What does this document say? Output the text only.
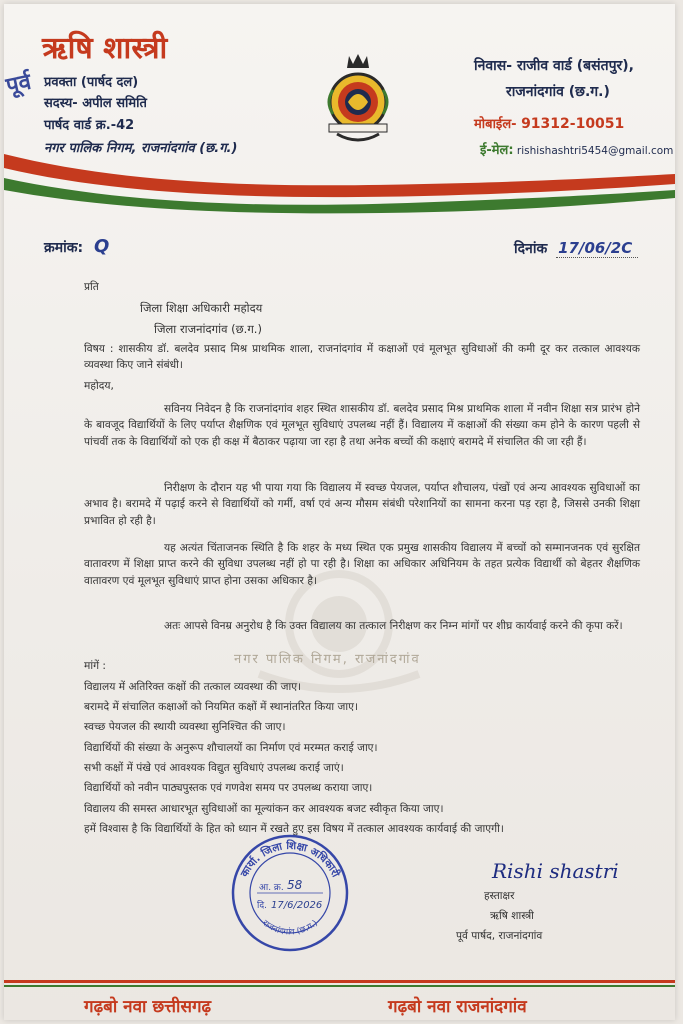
पूर्व
ऋषि शास्त्री
प्रवक्ता (पार्षद दल)
सदस्य- अपील समिति
पार्षद वार्ड क्र.-42
नगर पालिक निगम, राजनांदगांव (छ.ग.)
निवास- राजीव वार्ड (बसंतपुर),
राजनांदगांव (छ.ग.)
मोबाईल- 91312-10051
ई-मेल: rishishashtri5454@gmail.com
क्रमांक: Q	दिनांक 17/06/2C
नगर पालिक निगम, राजनांदगांव
प्रति
जिला शिक्षा अधिकारी महोदय
जिला राजनांदगांव (छ.ग.)
विषय : शासकीय डॉ. बलदेव प्रसाद मिश्र प्राथमिक शाला, राजनांदगांव में कक्षाओं एवं मूलभूत सुविधाओं की कमी दूर कर तत्काल आवश्यक व्यवस्था किए जाने संबंधी।
महोदय,
सविनय निवेदन है कि राजनांदगांव शहर स्थित शासकीय डॉ. बलदेव प्रसाद मिश्र प्राथमिक शाला में नवीन शिक्षा सत्र प्रारंभ होने के बावजूद विद्यार्थियों के लिए पर्याप्त शैक्षणिक एवं मूलभूत सुविधाएं उपलब्ध नहीं हैं। विद्यालय में कक्षाओं की संख्या कम होने के कारण पहली से पांचवीं तक के विद्यार्थियों को एक ही कक्ष में बैठाकर पढ़ाया जा रहा है तथा अनेक बच्चों की कक्षाएं बरामदे में संचालित की जा रही हैं।
निरीक्षण के दौरान यह भी पाया गया कि विद्यालय में स्वच्छ पेयजल, पर्याप्त शौचालय, पंखों एवं अन्य आवश्यक सुविधाओं का अभाव है। बरामदे में पढ़ाई करने से विद्यार्थियों को गर्मी, वर्षा एवं अन्य मौसम संबंधी परेशानियों का सामना करना पड़ रहा है, जिससे उनकी शिक्षा प्रभावित हो रही है।
यह अत्यंत चिंताजनक स्थिति है कि शहर के मध्य स्थित एक प्रमुख शासकीय विद्यालय में बच्चों को सम्मानजनक एवं सुरक्षित वातावरण में शिक्षा प्राप्त करने की सुविधा उपलब्ध नहीं हो पा रही है। शिक्षा का अधिकार अधिनियम के तहत प्रत्येक विद्यार्थी को बेहतर शैक्षणिक वातावरण एवं मूलभूत सुविधाएं प्राप्त होना उसका अधिकार है।
अतः आपसे विनम्र अनुरोध है कि उक्त विद्यालय का तत्काल निरीक्षण कर निम्न मांगों पर शीघ्र कार्यवाई करने की कृपा करें।
मांगें :
विद्यालय में अतिरिक्त कक्षों की तत्काल व्यवस्था की जाए।
बरामदे में संचालित कक्षाओं को नियमित कक्षों में स्थानांतरित किया जाए।
स्वच्छ पेयजल की स्थायी व्यवस्था सुनिश्चित की जाए।
विद्यार्थियों की संख्या के अनुरूप शौचालयों का निर्माण एवं मरम्मत कराई जाए।
सभी कक्षों में पंखे एवं आवश्यक विद्युत सुविधाएं उपलब्ध कराई जाएं।
विद्यार्थियों को नवीन पाठ्यपुस्तक एवं गणवेश समय पर उपलब्ध कराया जाए।
विद्यालय की समस्त आधारभूत सुविधाओं का मूल्यांकन कर आवश्यक बजट स्वीकृत किया जाए।
हमें विश्वास है कि विद्यार्थियों के हित को ध्यान में रखते हुए इस विषय में तत्काल आवश्यक कार्यवाई की जाएगी।
कार्या. जिला शिक्षा अधिकारी
राजनांदगांव (छ.ग.)
आ. क्र. 58
दि. 17/6/2026
Rishi shastri
हस्ताक्षर
ऋषि शास्त्री
पूर्व पार्षद, राजनांदगांव
गढ़बो नवा छत्तीसगढ़	गढ़बो नवा राजनांदगांव
